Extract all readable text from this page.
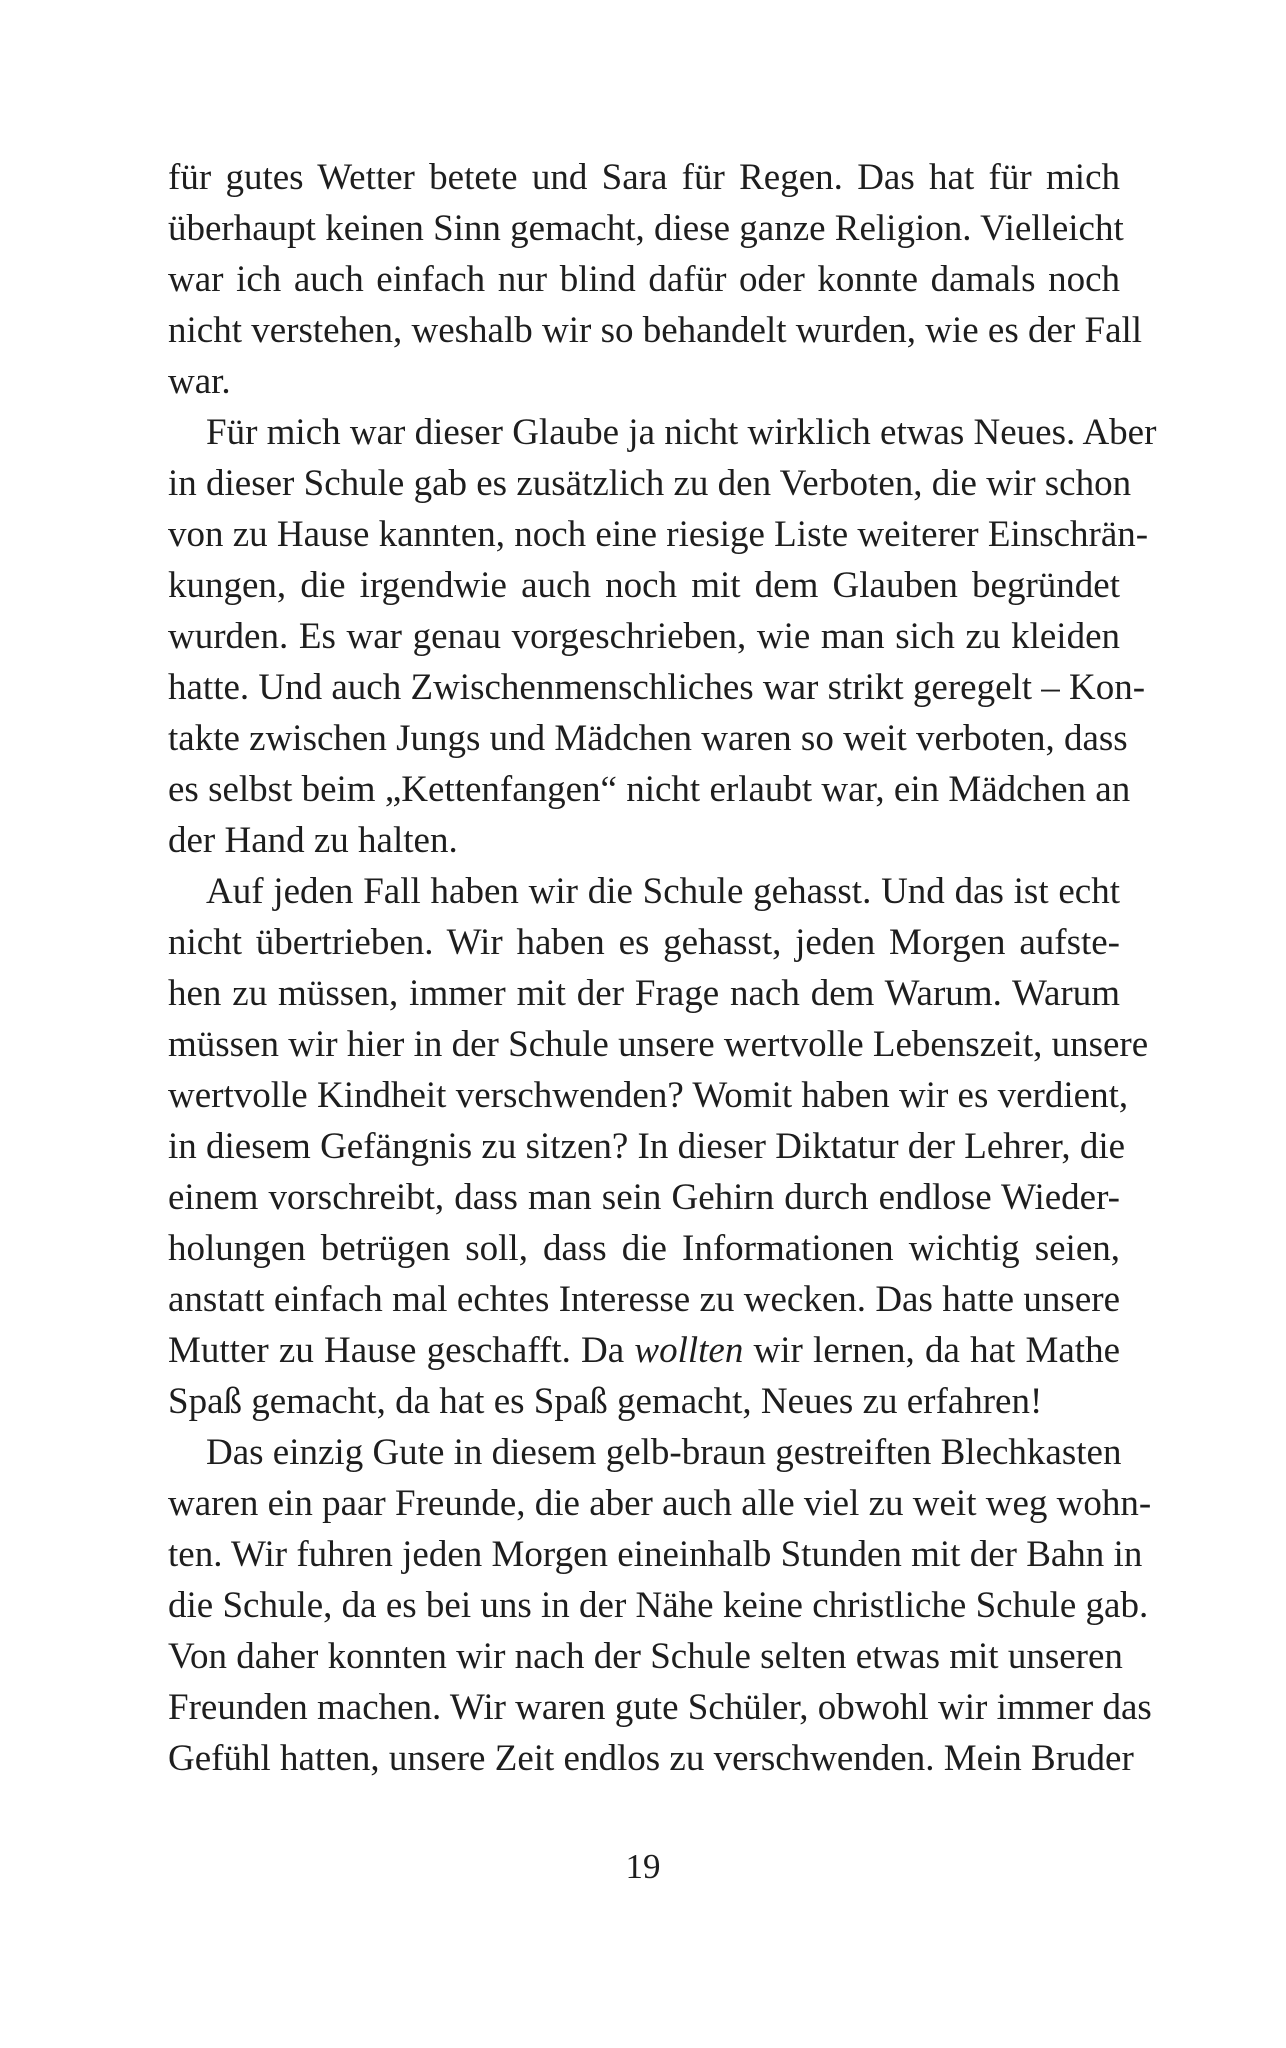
für gutes Wetter betete und Sara für Regen. Das hat für mich
überhaupt keinen Sinn gemacht, diese ganze Religion. Vielleicht
war ich auch einfach nur blind dafür oder konnte damals noch
nicht verstehen, weshalb wir so behandelt wurden, wie es der Fall
war.
Für mich war dieser Glaube ja nicht wirklich etwas Neues. Aber
in dieser Schule gab es zusätzlich zu den Verboten, die wir schon
von zu Hause kannten, noch eine riesige Liste weiterer Einschrän-
kungen, die irgendwie auch noch mit dem Glauben begründet
wurden. Es war genau vorgeschrieben, wie man sich zu kleiden
hatte. Und auch Zwischenmenschliches war strikt geregelt – Kon-
takte zwischen Jungs und Mädchen waren so weit verboten, dass
es selbst beim „Kettenfangen“ nicht erlaubt war, ein Mädchen an
der Hand zu halten.
Auf jeden Fall haben wir die Schule gehasst. Und das ist echt
nicht übertrieben. Wir haben es gehasst, jeden Morgen aufste-
hen zu müssen, immer mit der Frage nach dem Warum. Warum
müssen wir hier in der Schule unsere wertvolle Lebenszeit, unsere
wertvolle Kindheit verschwenden? Womit haben wir es verdient,
in diesem Gefängnis zu sitzen? In dieser Diktatur der Lehrer, die
einem vorschreibt, dass man sein Gehirn durch endlose Wieder-
holungen betrügen soll, dass die Informationen wichtig seien,
anstatt einfach mal echtes Interesse zu wecken. Das hatte unsere
Mutter zu Hause geschafft. Da wollten wir lernen, da hat Mathe
Spaß gemacht, da hat es Spaß gemacht, Neues zu erfahren!
Das einzig Gute in diesem gelb-braun gestreiften Blechkasten
waren ein paar Freunde, die aber auch alle viel zu weit weg wohn-
ten. Wir fuhren jeden Morgen eineinhalb Stunden mit der Bahn in
die Schule, da es bei uns in der Nähe keine christliche Schule gab.
Von daher konnten wir nach der Schule selten etwas mit unseren
Freunden machen. Wir waren gute Schüler, obwohl wir immer das
Gefühl hatten, unsere Zeit endlos zu verschwenden. Mein Bruder
19
